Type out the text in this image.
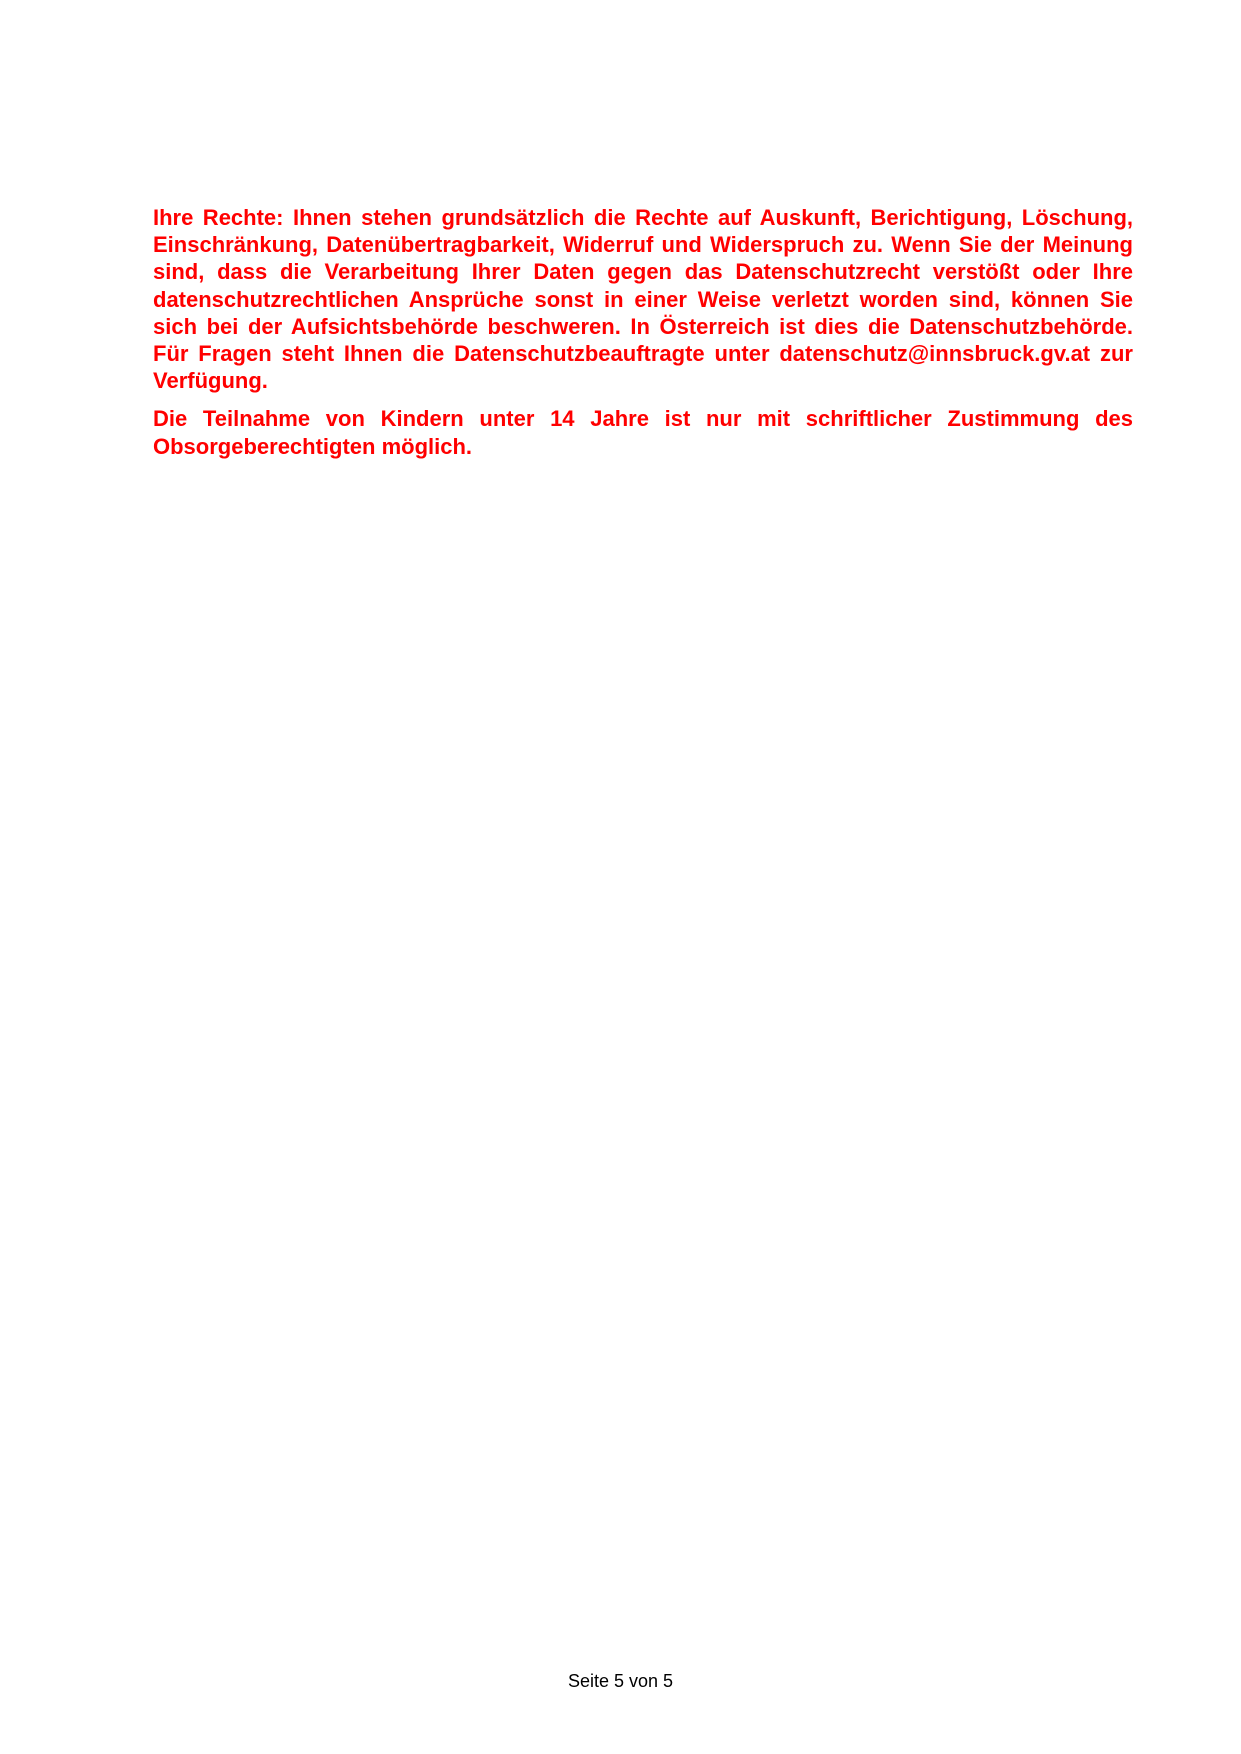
Ihre Rechte: Ihnen stehen grundsätzlich die Rechte auf Auskunft, Berichtigung, Löschung, Einschränkung, Datenübertragbarkeit, Widerruf und Widerspruch zu. Wenn Sie der Meinung sind, dass die Verarbeitung Ihrer Daten gegen das Datenschutzrecht verstößt oder Ihre datenschutzrechtlichen Ansprüche sonst in einer Weise verletzt worden sind, können Sie sich bei der Aufsichtsbehörde beschweren. In Österreich ist dies die Datenschutzbehörde. Für Fragen steht Ihnen die Datenschutzbeauftragte unter datenschutz@innsbruck.gv.at zur Verfügung.

Die Teilnahme von Kindern unter 14 Jahre ist nur mit schriftlicher Zustimmung des Obsorgeberechtigten möglich.

Seite 5 von 5
